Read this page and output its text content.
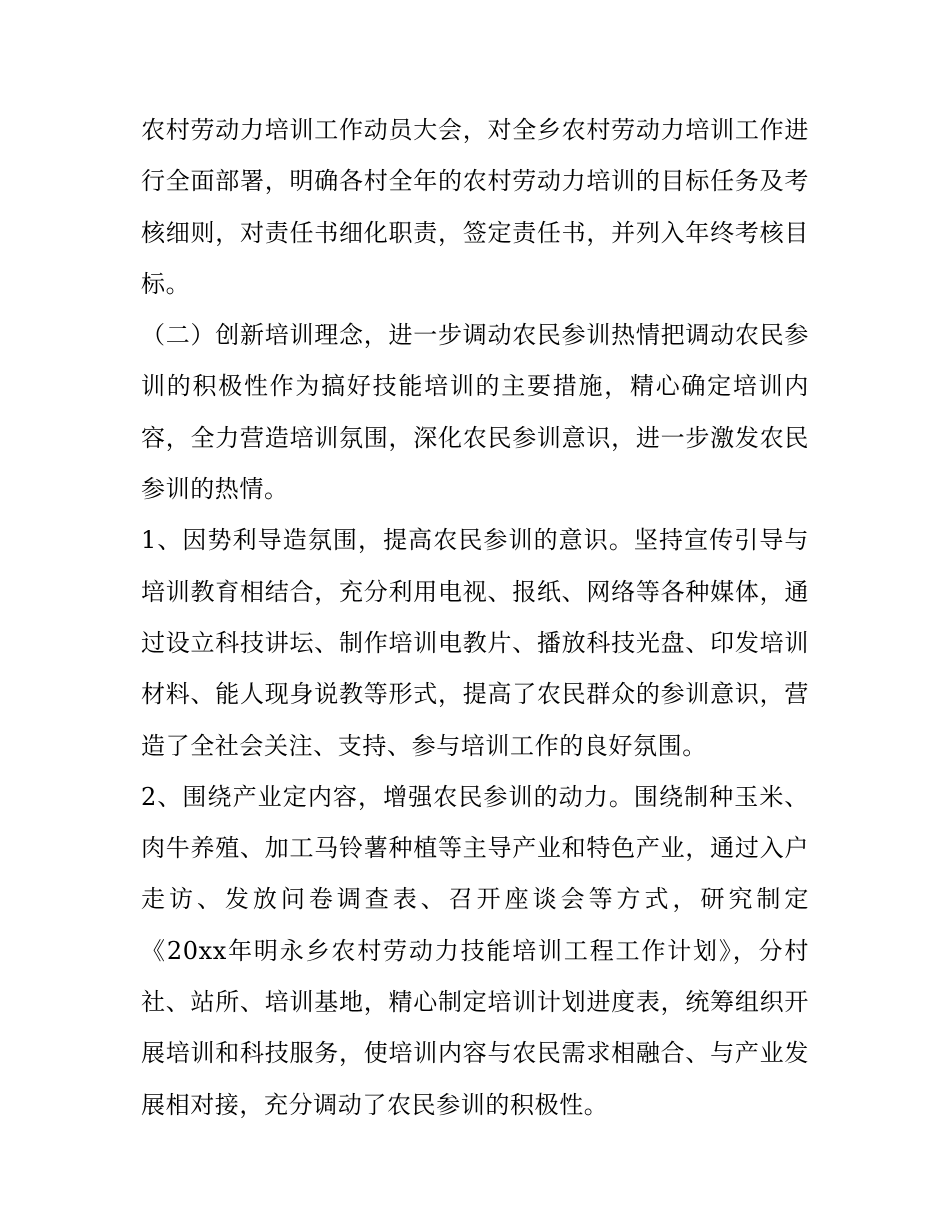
农村劳动力培训工作动员大会，对全乡农村劳动力培训工作进行全面部署，明确各村全年的农村劳动力培训的目标任务及考核细则，对责任书细化职责，签定责任书，并列入年终考核目标。

（二）创新培训理念，进一步调动农民参训热情把调动农民参训的积极性作为搞好技能培训的主要措施，精心确定培训内容，全力营造培训氛围，深化农民参训意识，进一步激发农民参训的热情。

1、因势利导造氛围，提高农民参训的意识。坚持宣传引导与培训教育相结合，充分利用电视、报纸、网络等各种媒体，通过设立科技讲坛、制作培训电教片、播放科技光盘、印发培训材料、能人现身说教等形式，提高了农民群众的参训意识，营造了全社会关注、支持、参与培训工作的良好氛围。

2、围绕产业定内容，增强农民参训的动力。围绕制种玉米、肉牛养殖、加工马铃薯种植等主导产业和特色产业，通过入户走访、发放问卷调查表、召开座谈会等方式，研究制定《20xx年明永乡农村劳动力技能培训工程工作计划》，分村社、站所、培训基地，精心制定培训计划进度表，统筹组织开展培训和科技服务，使培训内容与农民需求相融合、与产业发展相对接，充分调动了农民参训的积极性。
